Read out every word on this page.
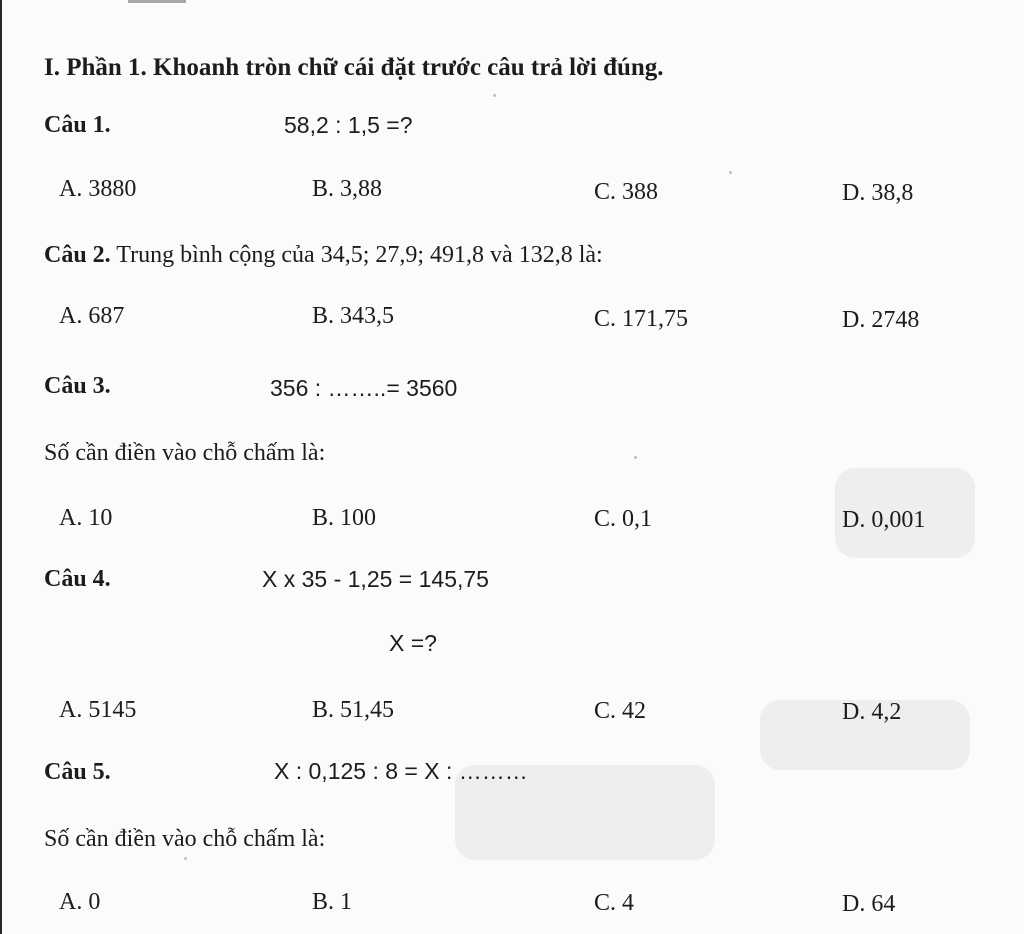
I. Phần 1. Khoanh tròn chữ cái đặt trước câu trả lời đúng.
Câu 1.	58,2 : 1,5 =?
A. 3880	B. 3,88	C. 388	D. 38,8
Câu 2. Trung bình cộng của 34,5; 27,9; 491,8 và 132,8 là:
A. 687	B. 343,5	C. 171,75	D. 2748
Câu 3.	356 : ……..= 3560
Số cần điền vào chỗ chấm là:
A. 10	B. 100	C. 0,1	D. 0,001
Câu 4.	X x 35 - 1,25 = 145,75
X =?
A. 5145	B. 51,45	C. 42	D. 4,2
Câu 5.	X : 0,125 : 8 = X : ………
Số cần điền vào chỗ chấm là:
A. 0	B. 1	C. 4	D. 64
